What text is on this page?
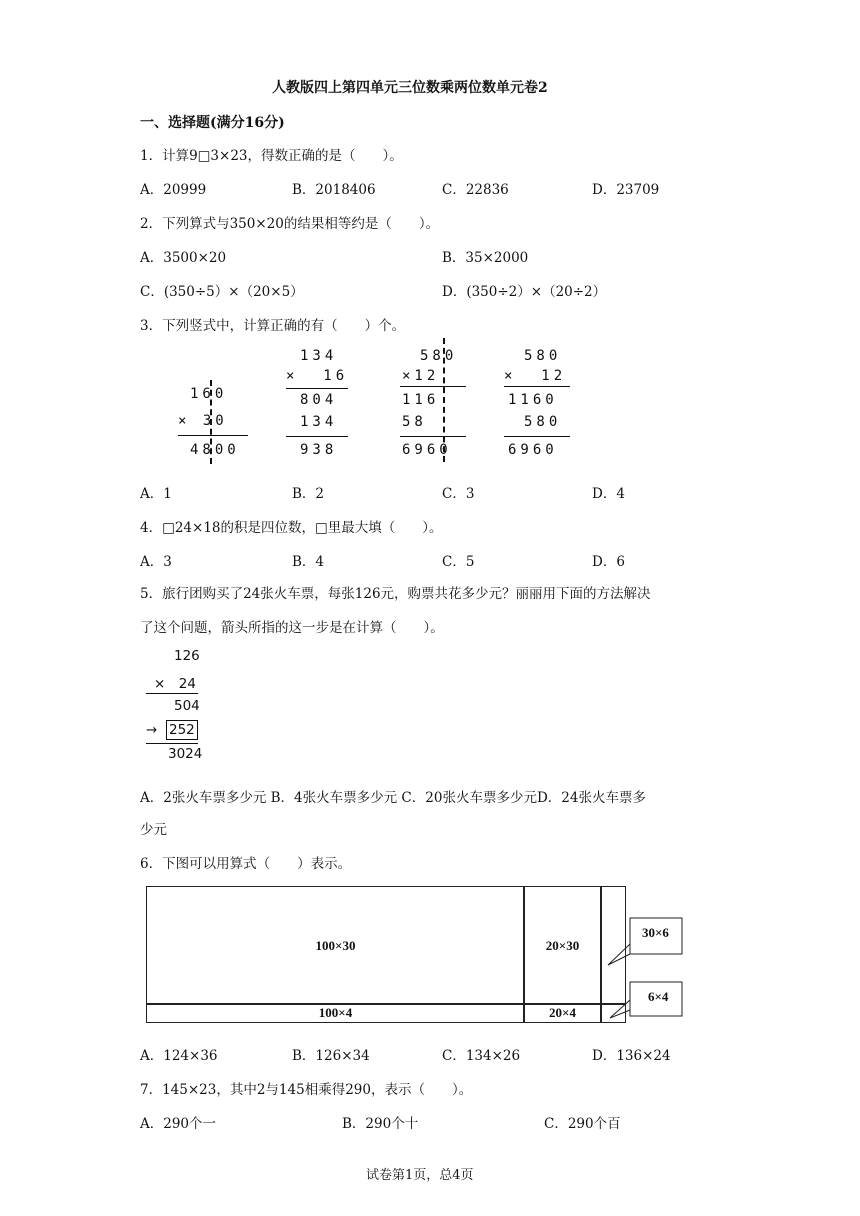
人教版四上第四单元三位数乘两位数单元卷2
一、选择题(满分16分)
1．计算9□3×23，得数正确的是（　　）。
A．20999	B．2018406	C．22836	D．23709
2．下列算式与350×20的结果相等约是（　　）。
A．3500×20	B．35×2000
C．(350÷5）×（20×5）	D．(350÷2）×（20÷2）
3．下列竖式中，计算正确的有（　　）个。
160
× 30
4800
134
×  16
804
134
938
580
×12
116
58
6960
580
×  12
1160
580
6960
A．1	B．2	C．3	D．4
4．□24×18的积是四位数，□里最大填（　　）。
A．3	B．4	C．5	D．6
5．旅行团购买了24张火车票，每张126元，购票共花多少元？丽丽用下面的方法解决
了这个问题，箭头所指的这一步是在计算（　　）。
126
×　24
504
→ 252
3024
A．2张火车票多少元 B．4张火车票多少元 C．20张火车票多少元D．24张火车票多
少元
6．下图可以用算式（　　）表示。
100×30	20×30
100×4	20×4
30×6
6×4
A．124×36	B．126×34	C．134×26	D．136×24
7．145×23，其中2与145相乘得290，表示（　　）。
A．290个一	B．290个十	C．290个百
试卷第1页，总4页
